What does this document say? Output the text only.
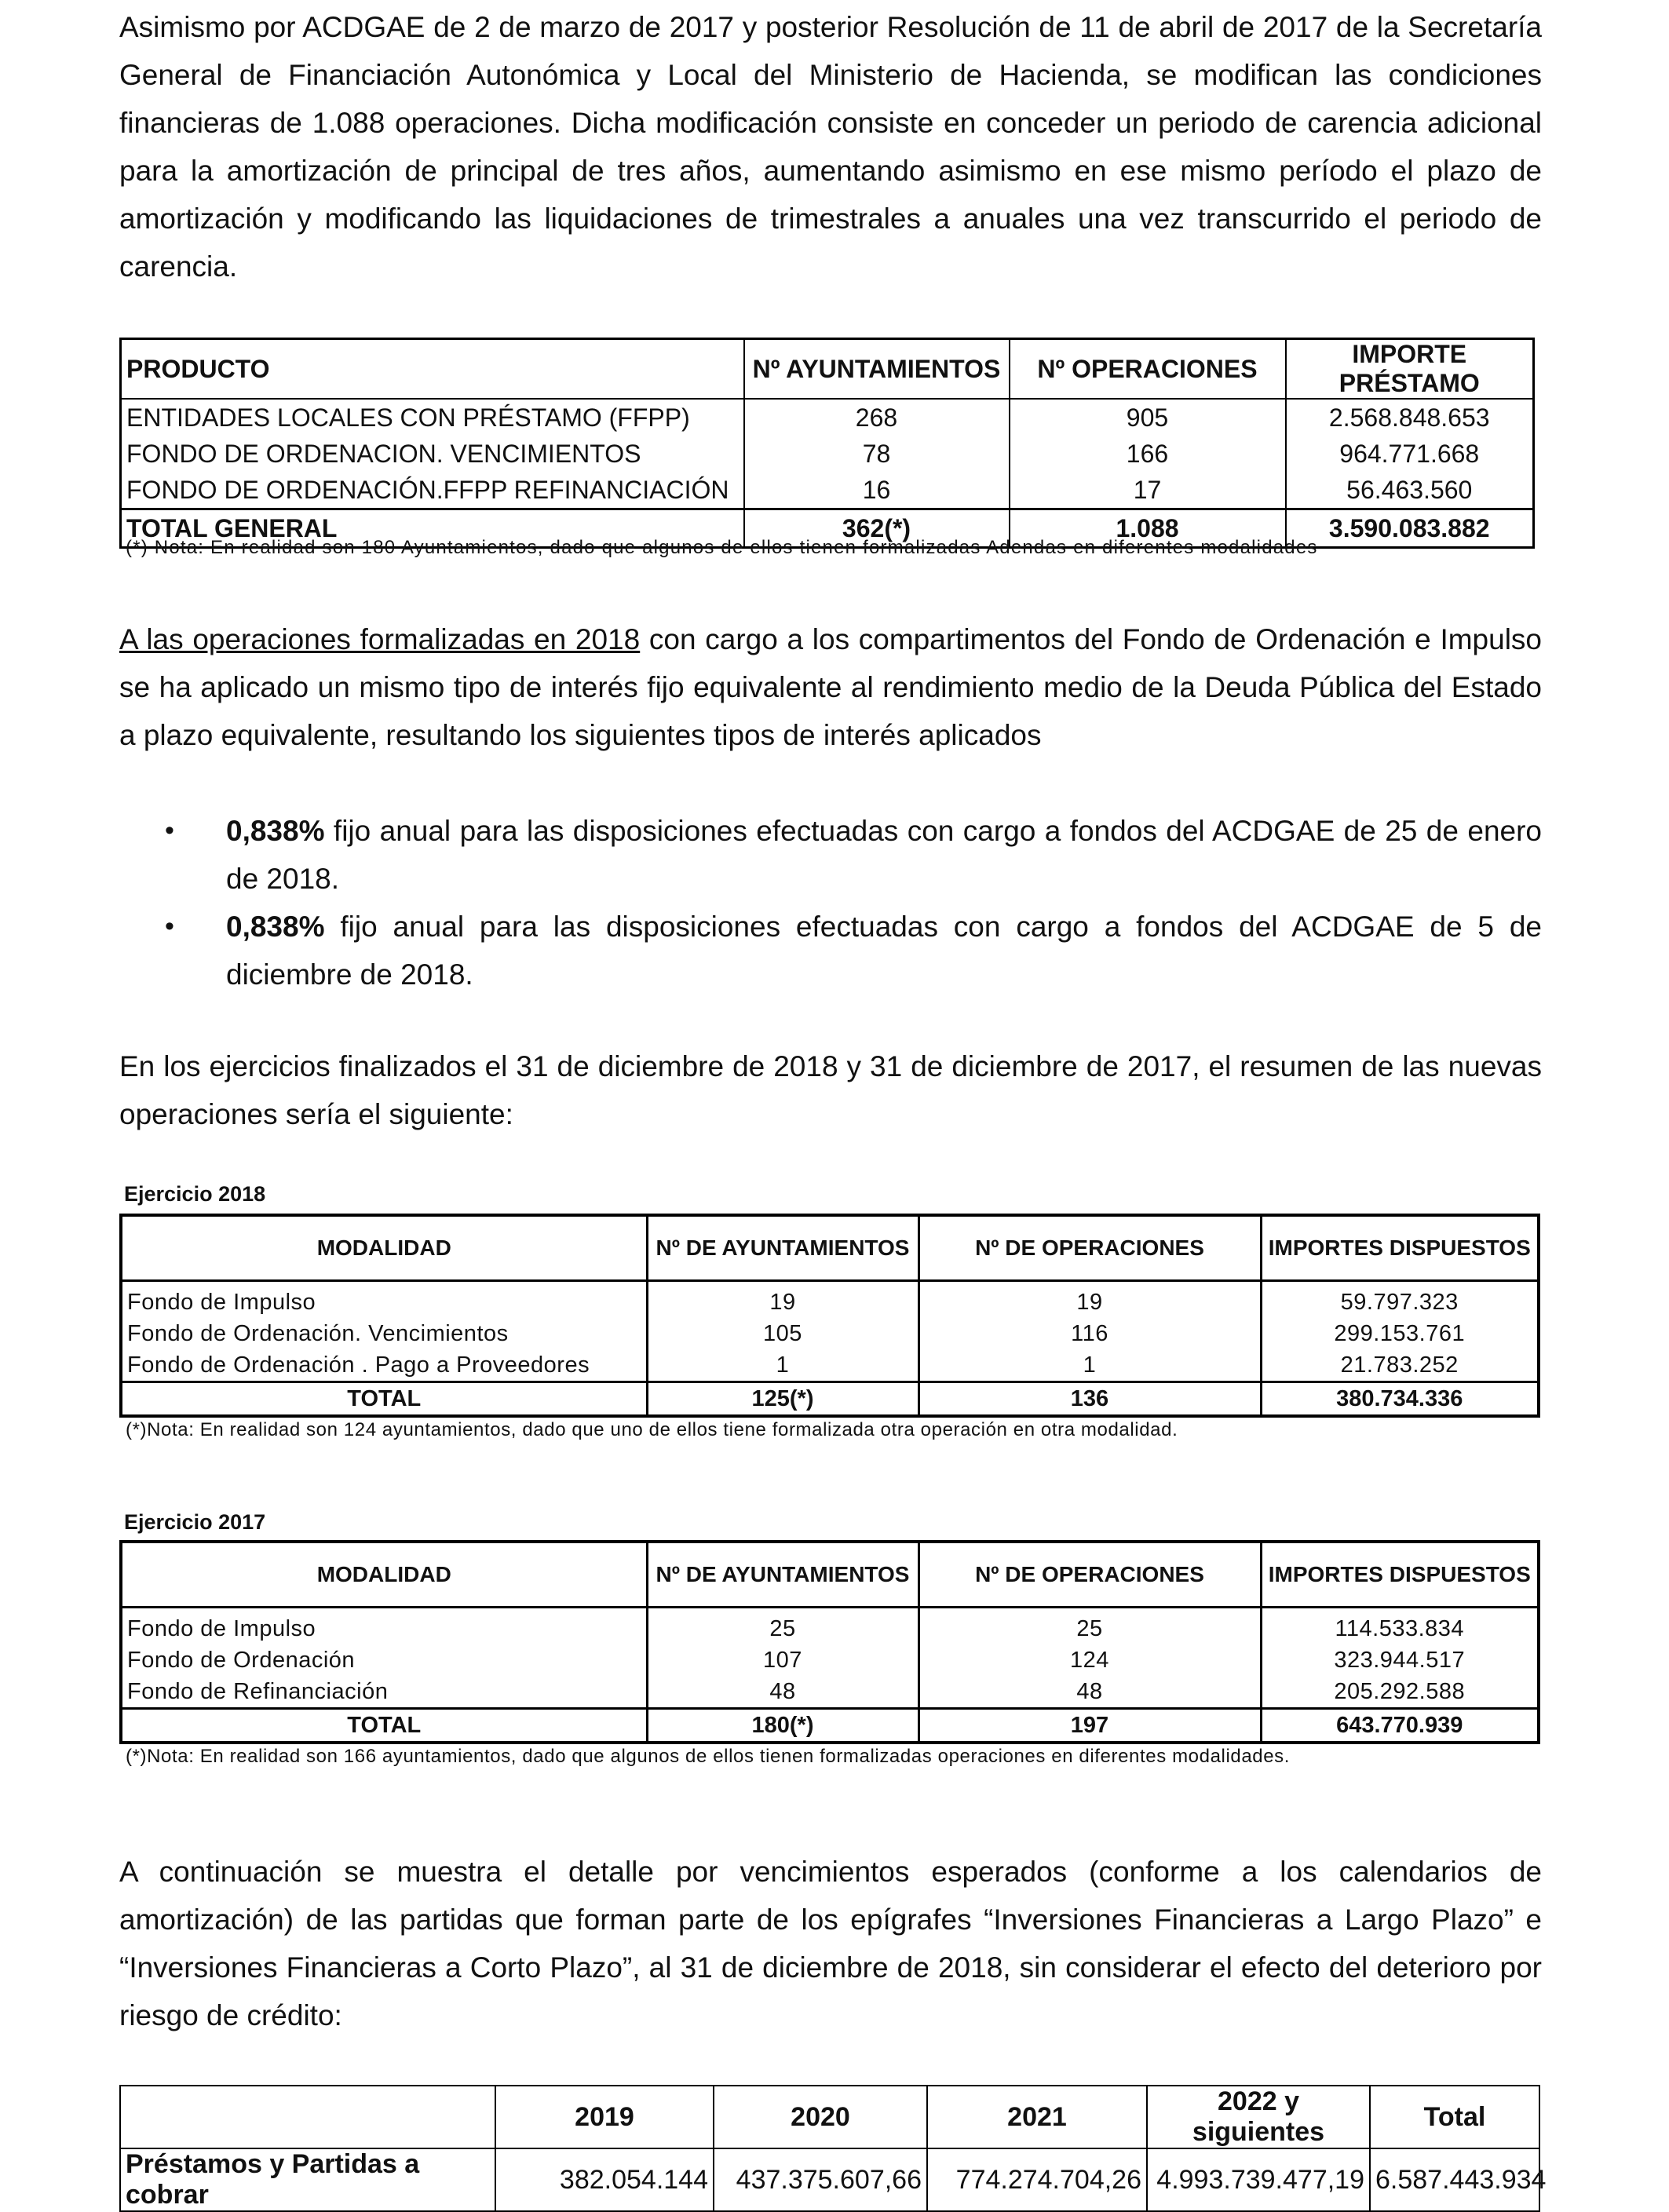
Asimismo por ACDGAE de 2 de marzo de 2017 y posterior Resolución de 11 de abril de 2017 de la Secretaría General de Financiación Autonómica y Local del Ministerio de Hacienda, se modifican las condiciones financieras de 1.088 operaciones. Dicha modificación consiste en conceder un periodo de carencia adicional para la amortización de principal de tres años, aumentando asimismo en ese mismo período el plazo de amortización y modificando las liquidaciones de trimestrales a anuales una vez transcurrido el periodo de carencia.

PRODUCTO	Nº AYUNTAMIENTOS	Nº OPERACIONES	IMPORTE PRÉSTAMO
ENTIDADES LOCALES CON PRÉSTAMO (FFPP)	268	905	2.568.848.653
FONDO DE ORDENACION. VENCIMIENTOS	78	166	964.771.668
FONDO DE ORDENACIÓN.FFPP REFINANCIACIÓN	16	17	56.463.560
TOTAL GENERAL	362(*)	1.088	3.590.083.882
(*) Nota: En realidad son 180 Ayuntamientos, dado que algunos de ellos tienen formalizadas Adendas en diferentes modalidades

A las operaciones formalizadas en 2018 con cargo a los compartimentos del Fondo de Ordenación e Impulso se ha aplicado un mismo tipo de interés fijo equivalente al rendimiento medio de la Deuda Pública del Estado a plazo equivalente, resultando los siguientes tipos de interés aplicados

• 0,838% fijo anual para las disposiciones efectuadas con cargo a fondos del ACDGAE de 25 de enero de 2018.
• 0,838% fijo anual para las disposiciones efectuadas con cargo a fondos del ACDGAE de 5 de diciembre de 2018.

En los ejercicios finalizados el 31 de diciembre de 2018 y 31 de diciembre de 2017, el resumen de las nuevas operaciones sería el siguiente:

Ejercicio 2018
MODALIDAD	Nº DE AYUNTAMIENTOS	Nº DE OPERACIONES	IMPORTES DISPUESTOS
Fondo de Impulso	19	19	59.797.323
Fondo de Ordenación. Vencimientos	105	116	299.153.761
Fondo de Ordenación . Pago a Proveedores	1	1	21.783.252
TOTAL	125(*)	136	380.734.336
(*)Nota: En realidad son 124 ayuntamientos, dado que uno de ellos tiene formalizada otra operación en otra modalidad.
Ejercicio 2017
MODALIDAD	Nº DE AYUNTAMIENTOS	Nº DE OPERACIONES	IMPORTES DISPUESTOS
Fondo de Impulso	25	25	114.533.834
Fondo de Ordenación	107	124	323.944.517
Fondo de Refinanciación	48	48	205.292.588
TOTAL	180(*)	197	643.770.939
(*)Nota: En realidad son 166 ayuntamientos, dado que algunos de ellos tienen formalizadas operaciones en diferentes modalidades.

A continuación se muestra el detalle por vencimientos esperados (conforme a los calendarios de amortización) de las partidas que forman parte de los epígrafes “Inversiones Financieras a Largo Plazo” e “Inversiones Financieras a Corto Plazo”, al 31 de diciembre de 2018, sin considerar el efecto del deterioro por riesgo de crédito:

	2019	2020	2021	2022 y siguientes	Total
Préstamos y Partidas a cobrar	382.054.144	437.375.607,66	774.274.704,26	4.993.739.477,19	6.587.443.934
